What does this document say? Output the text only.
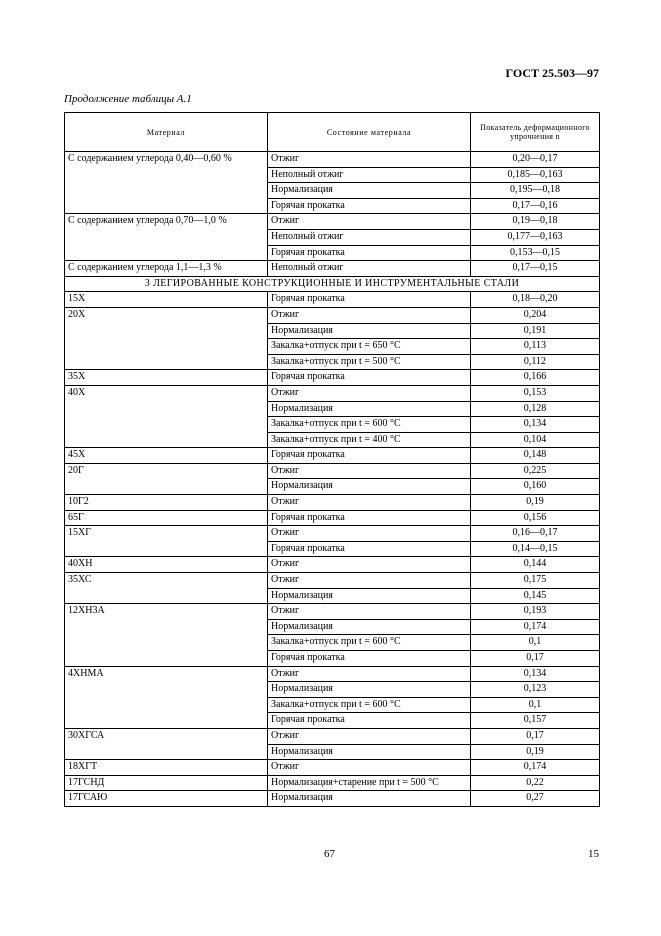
ГОСТ 25.503—97
Продолжение таблицы А.1
Материал	Состояние материала	Показатель деформационного упрочнения n
С содержанием углерода 0,40—0,60 %	Отжиг	0,20—0,17
	Неполный отжиг	0,185—0,163
	Нормализация	0,195—0,18
	Горячая прокатка	0,17—0,16
С содержанием углерода 0,70—1,0 %	Отжиг	0,19—0,18
	Неполный отжиг	0,177—0,163
	Горячая прокатка	0,153—0,15
С содержанием углерода 1,1—1,3 %	Неполный отжиг	0,17—0,15
3 ЛЕГИРОВАННЫЕ КОНСТРУКЦИОННЫЕ И ИНСТРУМЕНТАЛЬНЫЕ СТАЛИ		
15Х	Горячая прокатка	0,18—0,20
20Х	Отжиг	0,204
	Нормализация	0,191
	Закалка+отпуск при t = 650 °С	0,113
	Закалка+отпуск при t = 500 °С	0,112
35Х	Горячая прокатка	0,166
40Х	Отжиг	0,153
	Нормализация	0,128
	Закалка+отпуск при t = 600 °С	0,134
	Закалка+отпуск при t = 400 °С	0,104
45Х	Горячая прокатка	0,148
20Г	Отжиг	0,225
	Нормализация	0,160
10Г2	Отжиг	0,19
65Г	Горячая прокатка	0,156
15ХГ	Отжиг	0,16—0,17
	Горячая прокатка	0,14—0,15
40ХН	Отжиг	0,144
35ХС	Отжиг	0,175
	Нормализация	0,145
12ХН3А	Отжиг	0,193
	Нормализация	0,174
	Закалка+отпуск при t = 600 °С	0,1
	Горячая прокатка	0,17
4ХНМА	Отжиг	0,134
	Нормализация	0,123
	Закалка+отпуск при t = 600 °С	0,1
	Горячая прокатка	0,157
30ХГСА	Отжиг	0,17
	Нормализация	0,19
18ХГТ	Отжиг	0,174
17ГСНД	Нормализация+старение при t = 500 °С	0,22
17ГСАЮ	Нормализация	0,27
67	15
